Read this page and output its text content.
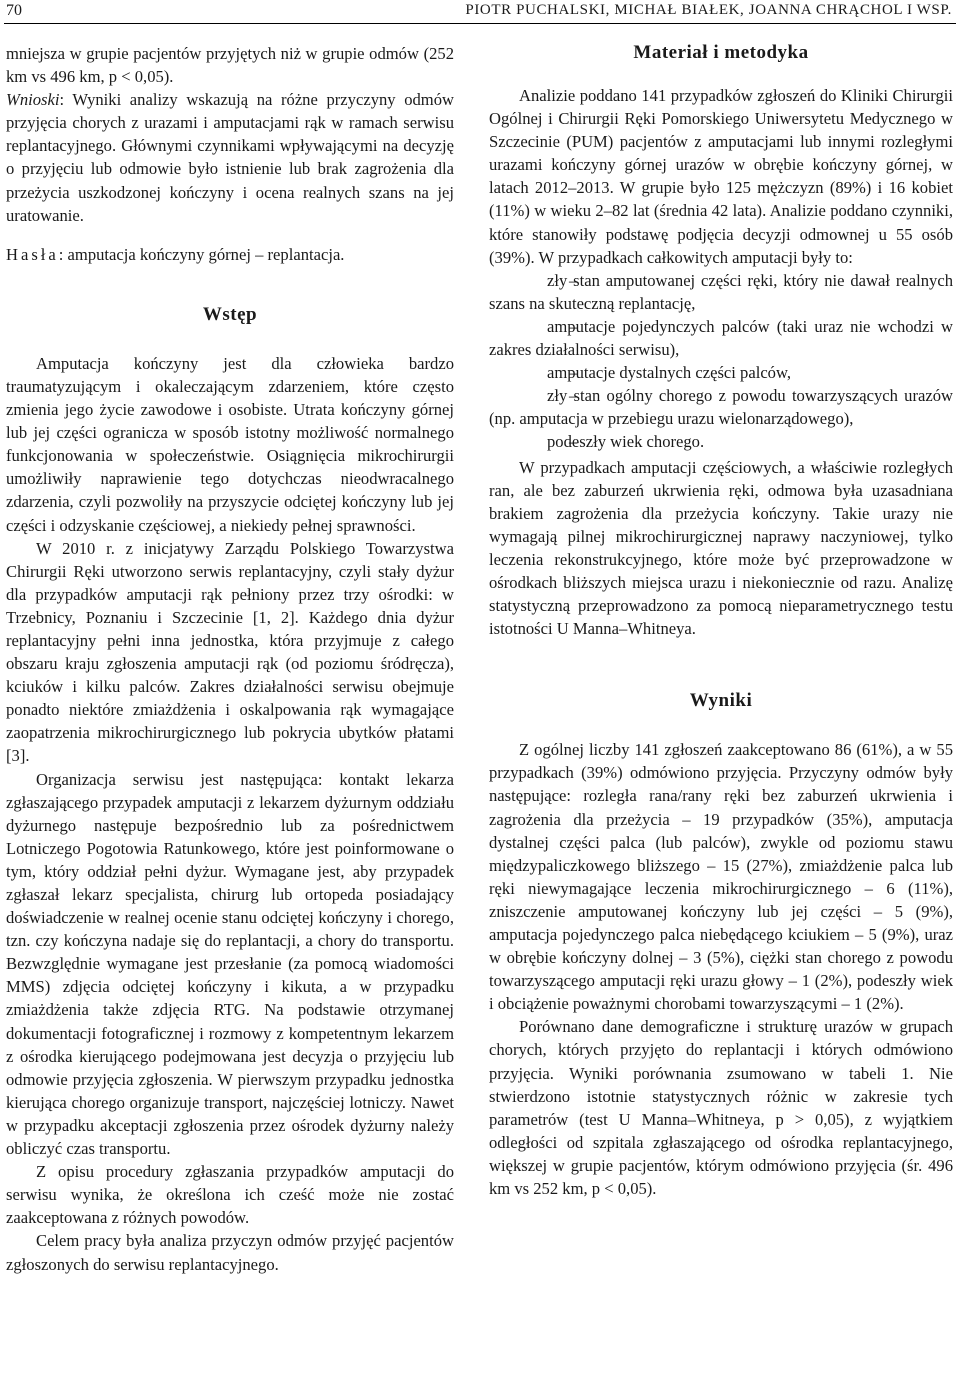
70	PIOTR PUCHALSKI, MICHAŁ BIAŁEK, JOANNA CHRĄCHOL I WSP.

mniejsza w grupie pacjentów przyjętych niż w grupie odmów (252 km vs 496 km, p < 0,05).

Wnioski: Wyniki analizy wskazują na różne przyczyny odmów przyjęcia chorych z urazami i amputacjami rąk w ramach serwisu replantacyjnego. Głównymi czynnikami wpływającymi na decyzję o przyjęciu lub odmowie było istnienie lub brak zagrożenia dla przeżycia uszkodzonej kończyny i ocena realnych szans na jej uratowanie.

Hasła: amputacja kończyny górnej – replantacja.

Wstęp

Amputacja kończyny jest dla człowieka bardzo traumatyzującym i okaleczającym zdarzeniem, które często zmienia jego życie zawodowe i osobiste. Utrata kończyny górnej lub jej części ogranicza w sposób istotny możliwość normalnego funkcjonowania w społeczeństwie. Osiągnięcia mikrochirurgii umożliwiły naprawienie tego dotychczas nieodwracalnego zdarzenia, czyli pozwoliły na przyszycie odciętej kończyny lub jej części i odzyskanie częściowej, a niekiedy pełnej sprawności.

W 2010 r. z inicjatywy Zarządu Polskiego Towarzystwa Chirurgii Ręki utworzono serwis replantacyjny, czyli stały dyżur dla przypadków amputacji rąk pełniony przez trzy ośrodki: w Trzebnicy, Poznaniu i Szczecinie [1, 2]. Każdego dnia dyżur replantacyjny pełni inna jednostka, która przyjmuje z całego obszaru kraju zgłoszenia amputacji rąk (od poziomu śródręcza), kciuków i kilku palców. Zakres działalności serwisu obejmuje ponadto niektóre zmiażdżenia i oskalpowania rąk wymagające zaopatrzenia mikrochirurgicznego lub pokrycia ubytków płatami [3].

Organizacja serwisu jest następująca: kontakt lekarza zgłaszającego przypadek amputacji z lekarzem dyżurnym oddziału dyżurnego następuje bezpośrednio lub za pośrednictwem Lotniczego Pogotowia Ratunkowego, które jest poinformowane o tym, który oddział pełni dyżur. Wymagane jest, aby przypadek zgłaszał lekarz specjalista, chirurg lub ortopeda posiadający doświadczenie w realnej ocenie stanu odciętej kończyny i chorego, tzn. czy kończyna nadaje się do replantacji, a chory do transportu. Bezwzględnie wymagane jest przesłanie (za pomocą wiadomości MMS) zdjęcia odciętej kończyny i kikuta, a w przypadku zmiażdżenia także zdjęcia RTG. Na podstawie otrzymanej dokumentacji fotograficznej i rozmowy z kompetentnym lekarzem z ośrodka kierującego podejmowana jest decyzja o przyjęciu lub odmowie przyjęcia zgłoszenia. W pierwszym przypadku jednostka kierująca chorego organizuje transport, najczęściej lotniczy. Nawet w przypadku akceptacji zgłoszenia przez ośrodek dyżurny należy obliczyć czas transportu.

Z opisu procedury zgłaszania przypadków amputacji do serwisu wynika, że określona ich cześć może nie zostać zaakceptowana z różnych powodów.

Celem pracy była analiza przyczyn odmów przyjęć pacjentów zgłoszonych do serwisu replantacyjnego.

Materiał i metodyka

Analizie poddano 141 przypadków zgłoszeń do Kliniki Chirurgii Ogólnej i Chirurgii Ręki Pomorskiego Uniwersytetu Medycznego w Szczecinie (PUM) pacjentów z amputacjami lub innymi rozległymi urazami kończyny górnej urazów w obrębie kończyny górnej, w latach 2012–2013. W grupie było 125 mężczyzn (89%) i 16 kobiet (11%) w wieku 2–82 lat (średnia 42 lata). Analizie poddano czynniki, które stanowiły podstawę podjęcia decyzji odmownej u 55 osób (39%). W przypadkach całkowitych amputacji były to:

– zły stan amputowanej części ręki, który nie dawał realnych szans na skuteczną replantację,

– amputacje pojedynczych palców (taki uraz nie wchodzi w zakres działalności serwisu),

– amputacje dystalnych części palców,

– zły stan ogólny chorego z powodu towarzyszących urazów (np. amputacja w przebiegu urazu wielonarządowego),

– podeszły wiek chorego.

W przypadkach amputacji częściowych, a właściwie rozległych ran, ale bez zaburzeń ukrwienia ręki, odmowa była uzasadniana brakiem zagrożenia dla przeżycia kończyny. Takie urazy nie wymagają pilnej mikrochirurgicznej naprawy naczyniowej, tylko leczenia rekonstrukcyjnego, które może być przeprowadzone w ośrodkach bliższych miejsca urazu i niekoniecznie od razu. Analizę statystyczną przeprowadzono za pomocą nieparametrycznego testu istotności U Manna–Whitneya.

Wyniki

Z ogólnej liczby 141 zgłoszeń zaakceptowano 86 (61%), a w 55 przypadkach (39%) odmówiono przyjęcia. Przyczyny odmów były następujące: rozległa rana/rany ręki bez zaburzeń ukrwienia i zagrożenia dla przeżycia – 19 przypadków (35%), amputacja dystalnej części palca (lub palców), zwykle od poziomu stawu międzypaliczkowego bliższego – 15 (27%), zmiażdżenie palca lub ręki niewymagające leczenia mikrochirurgicznego – 6 (11%), zniszczenie amputowanej kończyny lub jej części – 5 (9%), amputacja pojedynczego palca niebędącego kciukiem – 5 (9%), uraz w obrębie kończyny dolnej – 3 (5%), ciężki stan chorego z powodu towarzyszącego amputacji ręki urazu głowy – 1 (2%), podeszły wiek i obciążenie poważnymi chorobami towarzyszącymi – 1 (2%).

Porównano dane demograficzne i strukturę urazów w grupach chorych, których przyjęto do replantacji i których odmówiono przyjęcia. Wyniki porównania zsumowano w tabeli 1. Nie stwierdzono istotnie statystycznych różnic w zakresie tych parametrów (test U Manna–Whitneya, p > 0,05), z wyjątkiem odległości od szpitala zgłaszającego od ośrodka replantacyjnego, większej w grupie pacjentów, którym odmówiono przyjęcia (śr. 496 km vs 252 km, p < 0,05).
